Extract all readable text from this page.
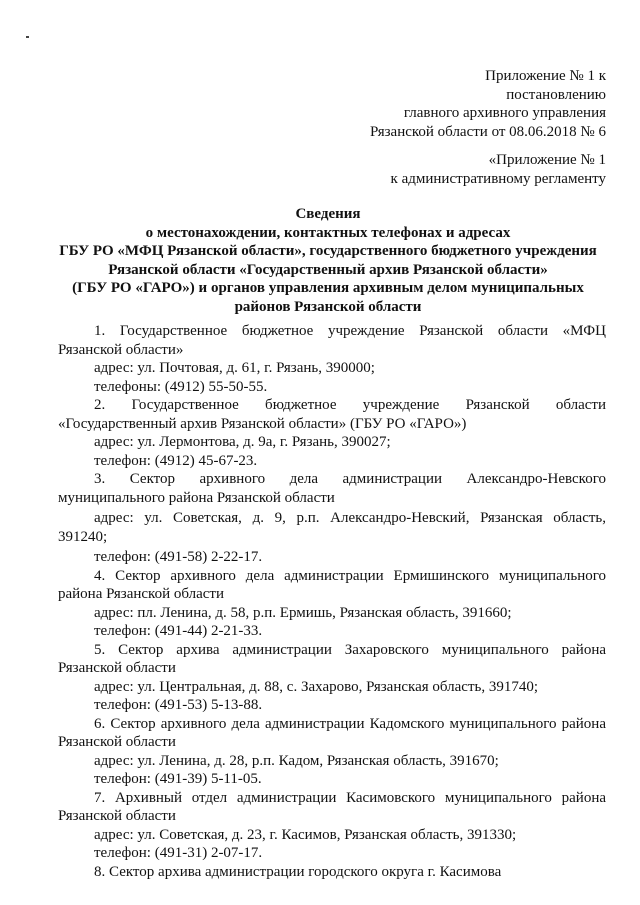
Приложение № 1 к
постановлению
главного архивного управления
Рязанской области от 08.06.2018 № 6
«Приложение № 1
к административному регламенту
Сведения
о местонахождении, контактных телефонах и адресах
ГБУ РО «МФЦ Рязанской области», государственного бюджетного учреждения
Рязанской области «Государственный архив Рязанской области»
(ГБУ РО «ГАРО») и органов управления архивным делом муниципальных
районов Рязанской области
1. Государственное бюджетное учреждение Рязанской области «МФЦ
Рязанской области»
адрес: ул. Почтовая, д. 61, г. Рязань, 390000;
телефоны: (4912) 55-50-55.
2. Государственное бюджетное учреждение Рязанской области
«Государственный архив Рязанской области» (ГБУ РО «ГАРО»)
адрес: ул. Лермонтова, д. 9а, г. Рязань, 390027;
телефон: (4912) 45-67-23.
3. Сектор архивного дела администрации Александро-Невского
муниципального района Рязанской области
адрес: ул. Советская, д. 9, р.п. Александро-Невский, Рязанская область,
391240;
телефон: (491-58) 2-22-17.
4. Сектор архивного дела администрации Ермишинского муниципального
района Рязанской области
адрес: пл. Ленина, д. 58, р.п. Ермишь, Рязанская область, 391660;
телефон: (491-44) 2-21-33.
5. Сектор архива администрации Захаровского муниципального района
Рязанской области
адрес: ул. Центральная, д. 88, с. Захарово, Рязанская область, 391740;
телефон: (491-53) 5-13-88.
6. Сектор архивного дела администрации Кадомского муниципального района
Рязанской области
адрес: ул. Ленина, д. 28, р.п. Кадом, Рязанская область, 391670;
телефон: (491-39) 5-11-05.
7. Архивный отдел администрации Касимовского муниципального района
Рязанской области
адрес: ул. Советская, д. 23, г. Касимов, Рязанская область, 391330;
телефон: (491-31) 2-07-17.
8. Сектор архива администрации городского округа г. Касимова
